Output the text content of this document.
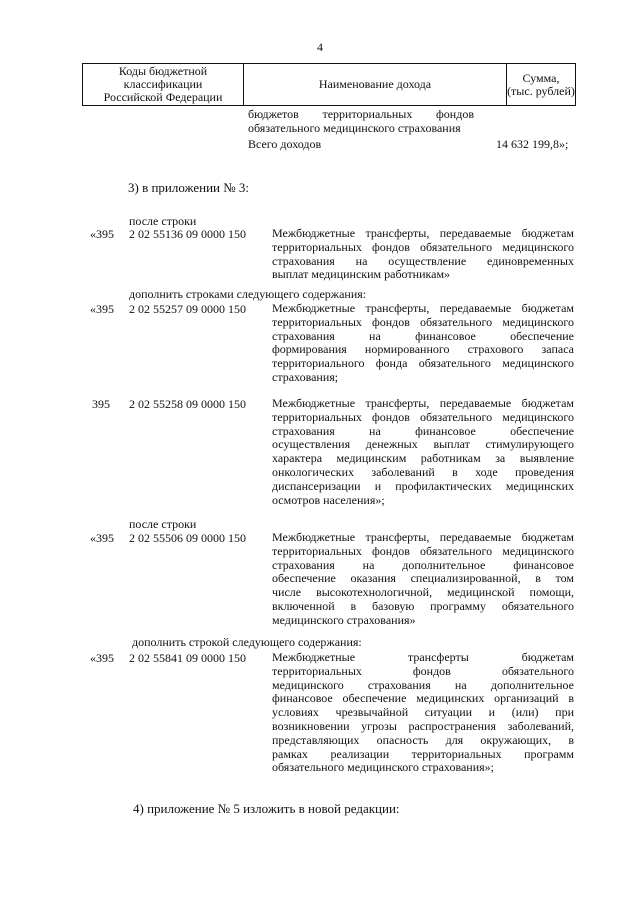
4
Коды бюджетной
классификации
Российской Федерации
Наименование дохода	Сумма,
(тыс. рублей)
бюджетов территориальных фондов
обязательного медицинского страхования
Всего доходов	14 632 199,8»;
3) в приложении № 3:
после строки
«395 2 02 55136 09 0000 150 Межбюджетные трансферты, передаваемые бюджетам
территориальных фондов обязательного медицинского
страхования на осуществление единовременных
выплат медицинским работникам»
дополнить строками следующего содержания:
«395 2 02 55257 09 0000 150 Межбюджетные трансферты, передаваемые бюджетам
территориальных фондов обязательного медицинского
страхования на финансовое обеспечение
формирования нормированного страхового запаса
территориального фонда обязательного медицинского
страхования;
395 2 02 55258 09 0000 150 Межбюджетные трансферты, передаваемые бюджетам
территориальных фондов обязательного медицинского
страхования на финансовое обеспечение
осуществления денежных выплат стимулирующего
характера медицинским работникам за выявление
онкологических заболеваний в ходе проведения
диспансеризации и профилактических медицинских
осмотров населения»;
после строки
«395 2 02 55506 09 0000 150 Межбюджетные трансферты, передаваемые бюджетам
территориальных фондов обязательного медицинского
страхования на дополнительное финансовое
обеспечение оказания специализированной, в том
числе высокотехнологичной, медицинской помощи,
включенной в базовую программу обязательного
медицинского страхования»
дополнить строкой следующего содержания:
«395 2 02 55841 09 0000 150 Межбюджетные трансферты бюджетам
территориальных фондов обязательного
медицинского страхования на дополнительное
финансовое обеспечение медицинских организаций в
условиях чрезвычайной ситуации и (или) при
возникновении угрозы распространения заболеваний,
представляющих опасность для окружающих, в
рамках реализации территориальных программ
обязательного медицинского страхования»;
4) приложение № 5 изложить в новой редакции:
